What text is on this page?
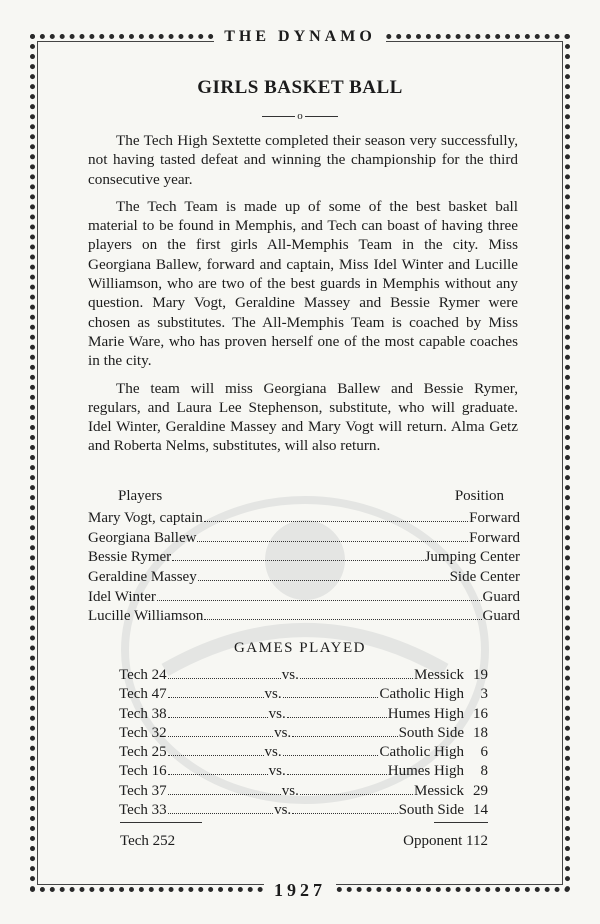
THE DYNAMO
GIRLS BASKET BALL
o

The Tech High Sextette completed their season very successfully, not having tasted defeat and winning the championship for the third consecutive year.

The Tech Team is made up of some of the best basket ball material to be found in Memphis, and Tech can boast of having three players on the first girls All-Memphis Team in the city. Miss Georgiana Ballew, forward and captain, Miss Idel Winter and Lucille Williamson, who are two of the best guards in Memphis without any question. Mary Vogt, Geraldine Massey and Bessie Rymer were chosen as substitutes. The All-Memphis Team is coached by Miss Marie Ware, who has proven herself one of the most capable coaches in the city.

The team will miss Georgiana Ballew and Bessie Rymer, regulars, and Laura Lee Stephenson, substitute, who will graduate. Idel Winter, Geraldine Massey and Mary Vogt will return. Alma Getz and Roberta Nelms, substitutes, will also return.

Players	Position
Mary Vogt, captain	Forward
Georgiana Ballew	Forward
Bessie Rymer	Jumping Center
Geraldine Massey	Side Center
Idel Winter	Guard
Lucille Williamson	Guard
GAMES PLAYED
Tech 24	vs.	Messick 19
Tech 47	vs.	Catholic High	3
Tech 38	vs.	Humes High 16
Tech 32	vs.	South Side 18
Tech 25	vs.	Catholic High	6
Tech 16	vs.	Humes High	8
Tech 37	vs.	Messick 29
Tech 33	vs.	South Side 14
Tech 252	Opponent 112
1927
